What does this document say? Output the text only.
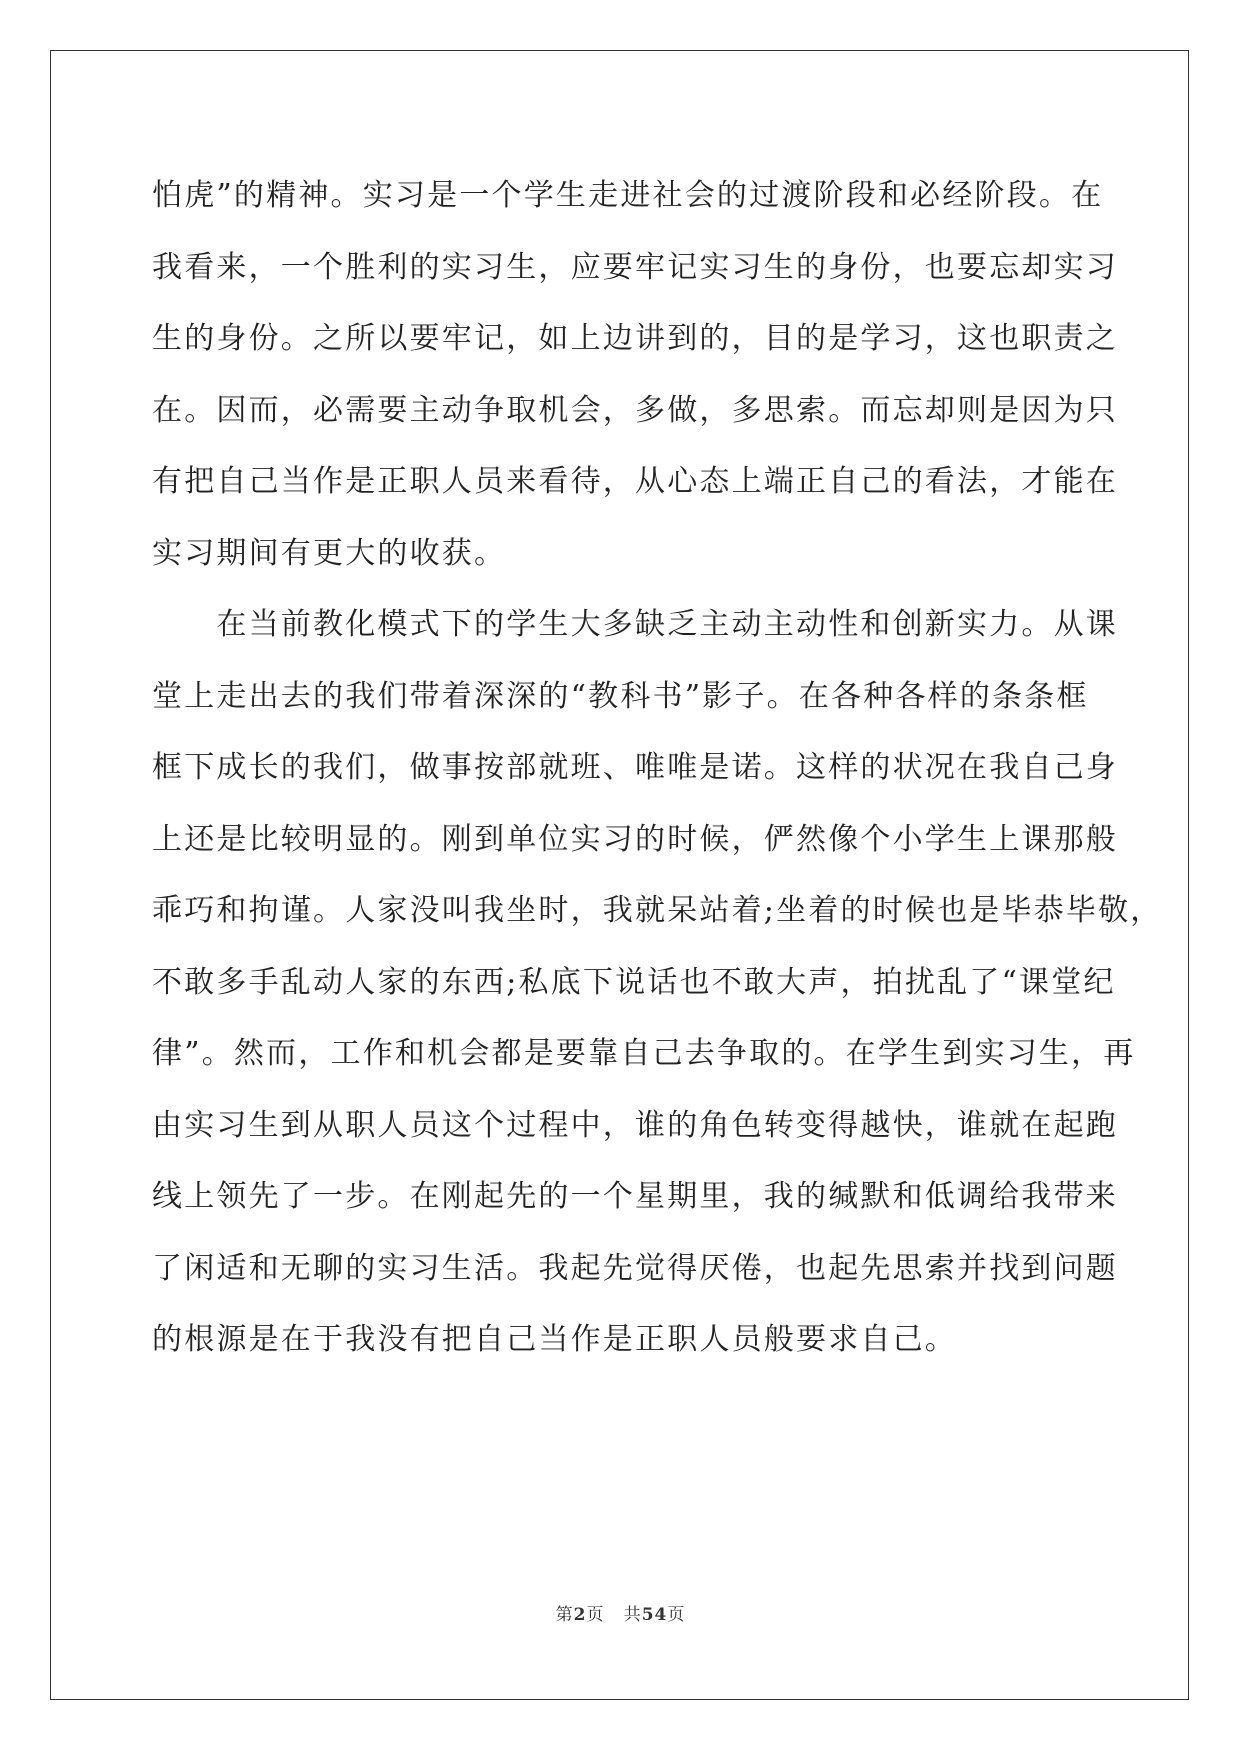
怕虎”的精神。实习是一个学生走进社会的过渡阶段和必经阶段。在
我看来，一个胜利的实习生，应要牢记实习生的身份，也要忘却实习
生的身份。之所以要牢记，如上边讲到的，目的是学习，这也职责之
在。因而，必需要主动争取机会，多做，多思索。而忘却则是因为只
有把自己当作是正职人员来看待，从心态上端正自己的看法，才能在
实习期间有更大的收获。

　　在当前教化模式下的学生大多缺乏主动主动性和创新实力。从课
堂上走出去的我们带着深深的“教科书”影子。在各种各样的条条框
框下成长的我们，做事按部就班、唯唯是诺。这样的状况在我自己身
上还是比较明显的。刚到单位实习的时候，俨然像个小学生上课那般
乖巧和拘谨。人家没叫我坐时，我就呆站着;坐着的时候也是毕恭毕敬，
不敢多手乱动人家的东西;私底下说话也不敢大声，拍扰乱了“课堂纪
律”。然而，工作和机会都是要靠自己去争取的。在学生到实习生，再
由实习生到从职人员这个过程中，谁的角色转变得越快，谁就在起跑
线上领先了一步。在刚起先的一个星期里，我的缄默和低调给我带来
了闲适和无聊的实习生活。我起先觉得厌倦，也起先思索并找到问题
的根源是在于我没有把自己当作是正职人员般要求自己。

第2页 共54页
